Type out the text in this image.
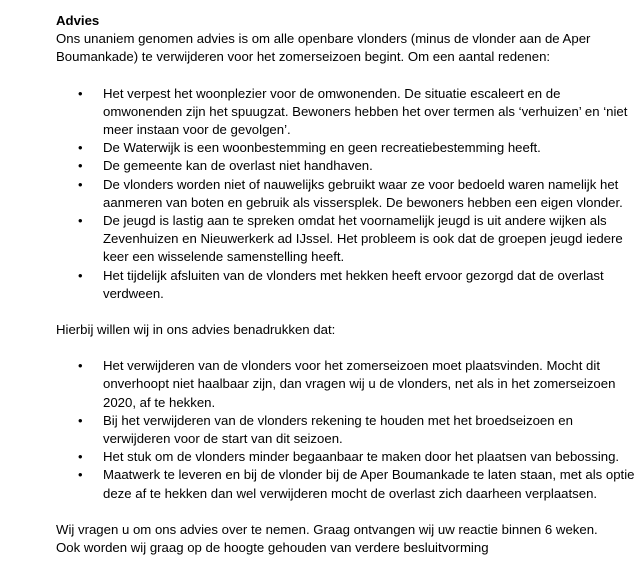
Advies

Ons unaniem genomen advies is om alle openbare vlonders (minus de vlonder aan de Aper Boumankade) te verwijderen voor het zomerseizoen begint. Om een aantal redenen:

• Het verpest het woonplezier voor de omwonenden. De situatie escaleert en de omwonenden zijn het spuugzat. Bewoners hebben het over termen als ‘verhuizen’ en ‘niet meer instaan voor de gevolgen’.
• De Waterwijk is een woonbestemming en geen recreatiebestemming heeft.
• De gemeente kan de overlast niet handhaven.
• De vlonders worden niet of nauwelijks gebruikt waar ze voor bedoeld waren namelijk het aanmeren van boten en gebruik als vissersplek. De bewoners hebben een eigen vlonder.
• De jeugd is lastig aan te spreken omdat het voornamelijk jeugd is uit andere wijken als Zevenhuizen en Nieuwerkerk ad IJssel. Het probleem is ook dat de groepen jeugd iedere keer een wisselende samenstelling heeft.
• Het tijdelijk afsluiten van de vlonders met hekken heeft ervoor gezorgd dat de overlast verdween.

Hierbij willen wij in ons advies benadrukken dat:

• Het verwijderen van de vlonders voor het zomerseizoen moet plaatsvinden. Mocht dit onverhoopt niet haalbaar zijn, dan vragen wij u de vlonders, net als in het zomerseizoen 2020, af te hekken.
• Bij het verwijderen van de vlonders rekening te houden met het broedseizoen en verwijderen voor de start van dit seizoen.
• Het stuk om de vlonders minder begaanbaar te maken door het plaatsen van bebossing.
• Maatwerk te leveren en bij de vlonder bij de Aper Boumankade te laten staan, met als optie deze af te hekken dan wel verwijderen mocht de overlast zich daarheen verplaatsen.

Wij vragen u om ons advies over te nemen. Graag ontvangen wij uw reactie binnen 6 weken.

Ook worden wij graag op de hoogte gehouden van verdere besluitvorming
